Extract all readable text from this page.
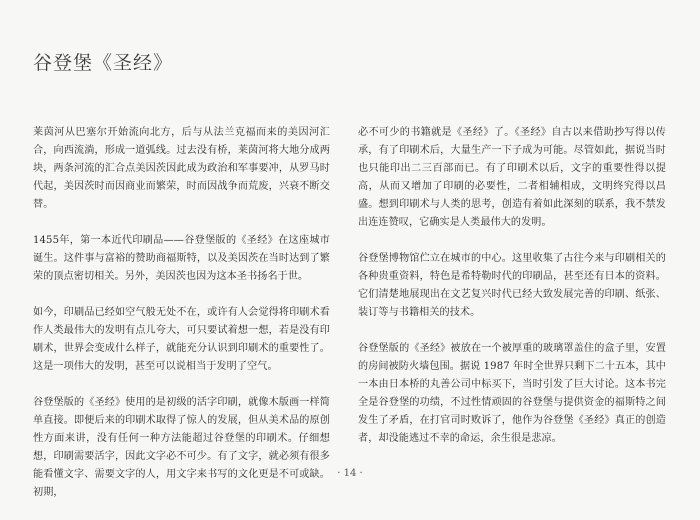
谷登堡《圣经》

莱茵河从巴塞尔开始流向北方，后与从法兰克福而来的美因河汇合，向西流淌，形成一道弧线。过去没有桥，莱茵河将大地分成两块，两条河流的汇合点美因茨因此成为政治和军事要冲，从罗马时代起，美因茨时而因商业而繁荣，时而因战争而荒废，兴衰不断交替。

1455年，第一本近代印刷品——谷登堡版的《圣经》在这座城市诞生。这件事与富裕的赞助商福斯特，以及美因茨在当时达到了繁荣的顶点密切相关。另外，美因茨也因为这本圣书扬名于世。

如今，印刷品已经如空气般无处不在，或许有人会觉得将印刷术看作人类最伟大的发明有点儿夸大，可只要试着想一想，若是没有印刷术，世界会变成什么样子，就能充分认识到印刷术的重要性了。这是一项伟大的发明，甚至可以说相当于发明了空气。

谷登堡版的《圣经》使用的是初级的活字印刷，就像木版画一样简单直接。即便后来的印刷术取得了惊人的发展，但从美术品的原创性方面来讲，没有任何一种方法能超过谷登堡的印刷术。仔细想想，印刷需要活字，因此文字必不可少。有了文字，就必须有很多能看懂文字、需要文字的人，用文字来书写的文化更是不可或缺。初期，

必不可少的书籍就是《圣经》了。《圣经》自古以来借助抄写得以传承，有了印刷术后，大量生产一下子成为可能。尽管如此，据说当时也只能印出二三百部而已。有了印刷术以后，文字的重要性得以提高，从而又增加了印刷的必要性，二者相辅相成，文明终究得以昌盛。想到印刷术与人类的思考，创造有着如此深刻的联系，我不禁发出连连赞叹，它确实是人类最伟大的发明。

谷登堡博物馆伫立在城市的中心。这里收集了古往今来与印刷相关的各种贵重资料，特色是希特勒时代的印刷品，甚至还有日本的资料。它们清楚地展现出在文艺复兴时代已经大致发展完善的印刷、纸张、装订等与书籍相关的技术。

谷登堡版的《圣经》被放在一个被厚重的玻璃罩盖住的盒子里，安置的房间被防火墙包围。据说 1987 年时全世界只剩下二十五本，其中一本由日本桥的丸善公司中标买下，当时引发了巨大讨论。这本书完全是谷登堡的功绩，不过性情顽固的谷登堡与提供资金的福斯特之间发生了矛盾，在打官司时败诉了，他作为谷登堡《圣经》真正的创造者，却没能逃过不幸的命运，余生很是悲凉。

· 14 ·
